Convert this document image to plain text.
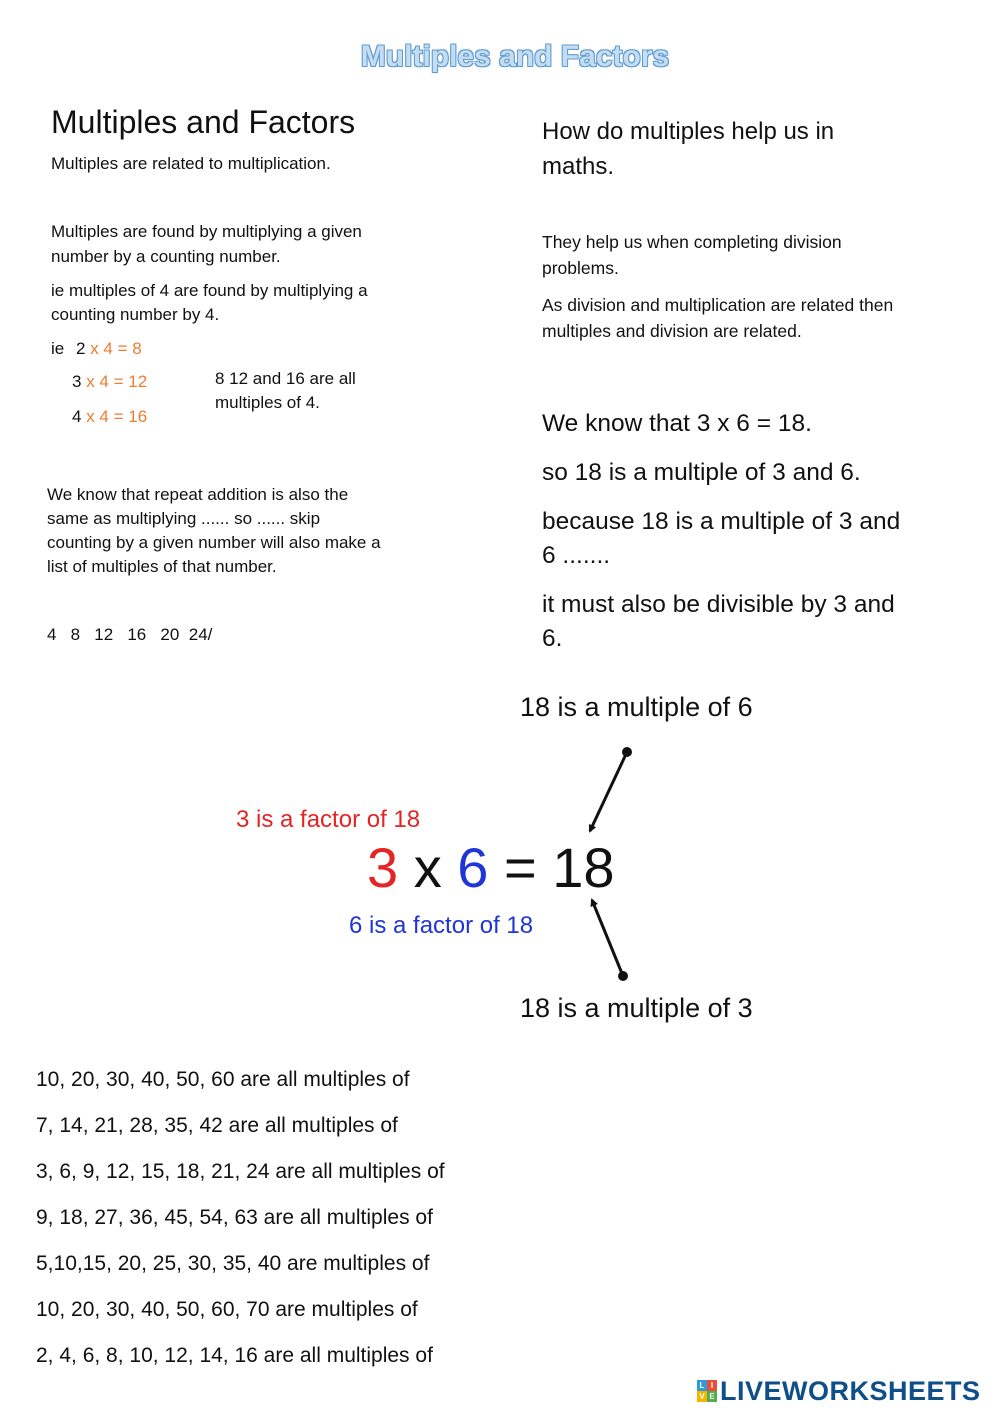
Multiples and Factors
Multiples and Factors
Multiples are related to multiplication.
Multiples are found by multiplying a given
number by a counting number.
ie multiples of 4 are found by multiplying a
counting number by 4.
ie 2 x 4 = 8
3 x 4 = 12
4 x 4 = 16
8 12 and 16 are all
multiples of 4.
We know that repeat addition is also the
same as multiplying ...... so ...... skip
counting by a given number will also make a
list of multiples of that number.
4   8   12   16   20  24/
How do multiples help us in
maths.
They help us when completing division
problems.
As division and multiplication are related then
multiples and division are related.
We know that 3 x 6 = 18.
so 18 is a multiple of 3 and 6.
because 18 is a multiple of 3 and
6 .......
it must also be divisible by 3 and
6.
18 is a multiple of 6
3 is a factor of 18
3 x 6 = 18
6 is a factor of 18
18 is a multiple of 3
10, 20, 30, 40, 50, 60 are all multiples of
7, 14, 21, 28, 35, 42 are all multiples of
3, 6, 9, 12, 15, 18, 21, 24 are all multiples of
9, 18, 27, 36, 45, 54, 63 are all multiples of
5,10,15, 20, 25, 30, 35, 40 are multiples of
10, 20, 30, 40, 50, 60, 70 are multiples of
2, 4, 6, 8, 10, 12, 14, 16 are all multiples of
L I
V E LIVEWORKSHEETS
